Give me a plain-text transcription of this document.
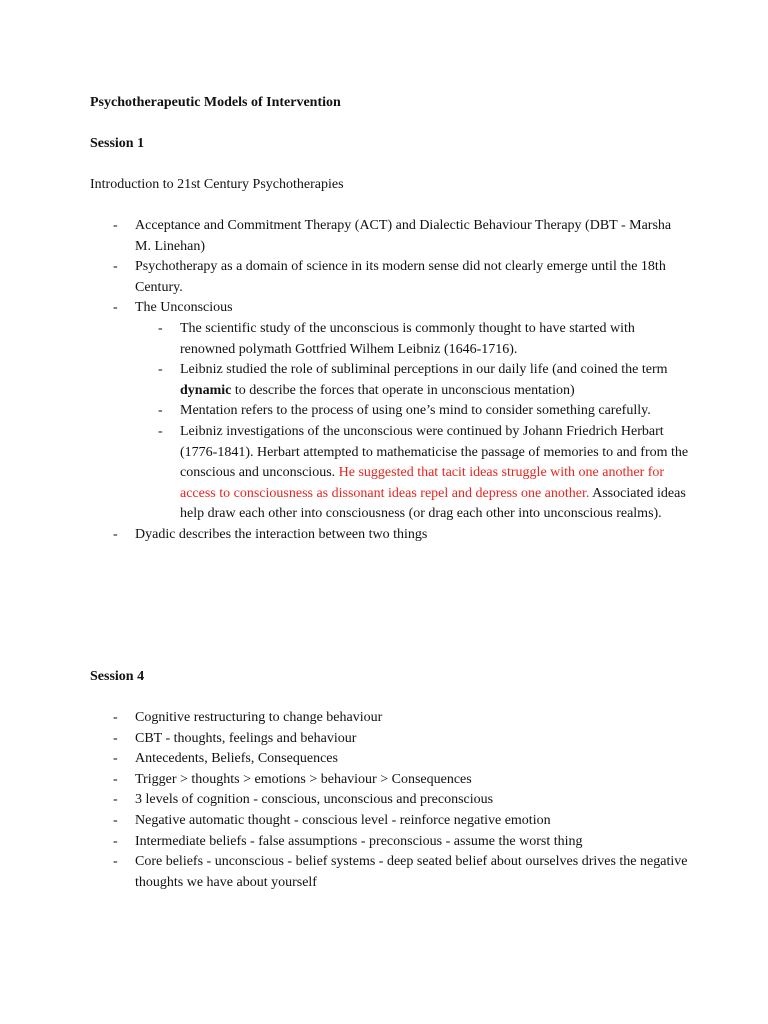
Psychotherapeutic Models of Intervention
Session 1
Introduction to 21st Century Psychotherapies
- Acceptance and Commitment Therapy (ACT) and Dialectic Behaviour Therapy (DBT - Marsha M. Linehan)
- Psychotherapy as a domain of science in its modern sense did not clearly emerge until the 18th Century.
- The Unconscious
- The scientific study of the unconscious is commonly thought to have started with renowned polymath Gottfried Wilhem Leibniz (1646-1716).
- Leibniz studied the role of subliminal perceptions in our daily life (and coined the term dynamic to describe the forces that operate in unconscious mentation)
- Mentation refers to the process of using one’s mind to consider something carefully.
- Leibniz investigations of the unconscious were continued by Johann Friedrich Herbart (1776-1841). Herbart attempted to mathematicise the passage of memories to and from the conscious and unconscious. He suggested that tacit ideas struggle with one another for access to consciousness as dissonant ideas repel and depress one another. Associated ideas help draw each other into consciousness (or drag each other into unconscious realms).
- Dyadic describes the interaction between two things
Session 4
- Cognitive restructuring to change behaviour
- CBT - thoughts, feelings and behaviour
- Antecedents, Beliefs, Consequences
- Trigger > thoughts > emotions > behaviour > Consequences
- 3 levels of cognition - conscious, unconscious and preconscious
- Negative automatic thought - conscious level - reinforce negative emotion
- Intermediate beliefs - false assumptions - preconscious - assume the worst thing
- Core beliefs - unconscious - belief systems - deep seated belief about ourselves drives the negative thoughts we have about yourself
